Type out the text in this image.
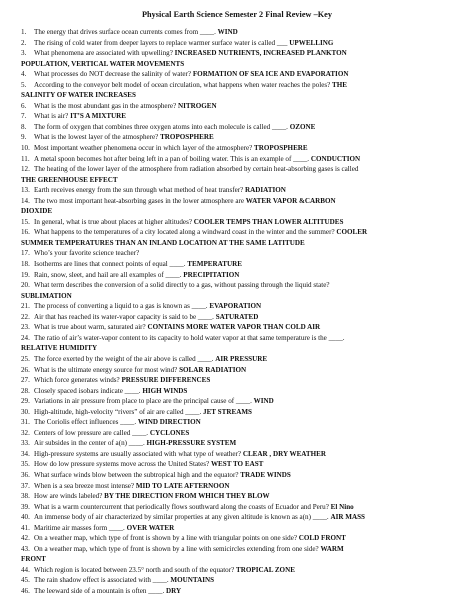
Physical Earth Science Semester 2 Final Review –Key
1. The energy that drives surface ocean currents comes from ____. WIND
2. The rising of cold water from deeper layers to replace warmer surface water is called ___ UPWELLING
3. What phenomena are associated with upwelling? INCREASED NUTRIENTS, INCREASED PLANKTON
POPULATION, VERTICAL WATER MOVEMENTS
4. What processes do NOT decrease the salinity of water? FORMATION OF SEA ICE AND EVAPORATION
5. According to the conveyor belt model of ocean circulation, what happens when water reaches the poles? THE
SALINITY OF WATER INCREASES
6. What is the most abundant gas in the atmosphere? NITROGEN
7. What is air? IT’S A MIXTURE
8. The form of oxygen that combines three oxygen atoms into each molecule is called ____. OZONE
9. What is the lowest layer of the atmosphere? TROPOSPHERE
10. Most important weather phenomena occur in which layer of the atmosphere? TROPOSPHERE
11. A metal spoon becomes hot after being left in a pan of boiling water. This is an example of ____. CONDUCTION
12. The heating of the lower layer of the atmosphere from radiation absorbed by certain heat-absorbing gases is called
THE GREENHOUSE EFFECT
13. Earth receives energy from the sun through what method of heat transfer? RADIATION
14. The two most important heat-absorbing gases in the lower atmosphere are WATER VAPOR &CARBON
DIOXIDE
15. In general, what is true about places at higher altitudes? COOLER TEMPS THAN LOWER ALTITUDES
16. What happens to the temperatures of a city located along a windward coast in the winter and the summer? COOLER
SUMMER TEMPERATURES THAN AN INLAND LOCATION AT THE SAME LATITUDE
17. Who’s your favorite science teacher?
18. Isotherms are lines that connect points of equal ____. TEMPERATURE
19. Rain, snow, sleet, and hail are all examples of ____. PRECIPITATION
20. What term describes the conversion of a solid directly to a gas, without passing through the liquid state?
SUBLIMATION
21. The process of converting a liquid to a gas is known as ____. EVAPORATION
22. Air that has reached its water-vapor capacity is said to be ____. SATURATED
23. What is true about warm, saturated air? CONTAINS MORE WATER VAPOR THAN COLD AIR
24. The ratio of air’s water-vapor content to its capacity to hold water vapor at that same temperature is the ____.
RELATIVE HUMIDITY
25. The force exerted by the weight of the air above is called ____. AIR PRESSURE
26. What is the ultimate energy source for most wind? SOLAR RADIATION
27. Which force generates winds? PRESSURE DIFFERENCES
28. Closely spaced isobars indicate ____. HIGH WINDS
29. Variations in air pressure from place to place are the principal cause of ____. WIND
30. High-altitude, high-velocity “rivers” of air are called ____. JET STREAMS
31. The Coriolis effect influences ____. WIND DIRECTION
32. Centers of low pressure are called ____. CYCLONES
33. Air subsides in the center of a(n) ____. HIGH-PRESSURE SYSTEM
34. High-pressure systems are usually associated with what type of weather? CLEAR , DRY WEATHER
35. How do low pressure systems move across the United States? WEST TO EAST
36. What surface winds blow between the subtropical high and the equator? TRADE WINDS
37. When is a sea breeze most intense? MID TO LATE AFTERNOON
38. How are winds labeled? BY THE DIRECTION FROM WHICH THEY BLOW
39. What is a warm countercurrent that periodically flows southward along the coasts of Ecuador and Peru? El Nino
40. An immense body of air characterized by similar properties at any given altitude is known as a(n) ____. AIR MASS
41. Maritime air masses form ____. OVER WATER
42. On a weather map, which type of front is shown by a line with triangular points on one side? COLD FRONT
43. On a weather map, which type of front is shown by a line with semicircles extending from one side? WARM
FRONT
44. Which region is located between 23.5° north and south of the equator? TROPICAL ZONE
45. The rain shadow effect is associated with ____. MOUNTAINS
46. The leeward side of a mountain is often ____. DRY
